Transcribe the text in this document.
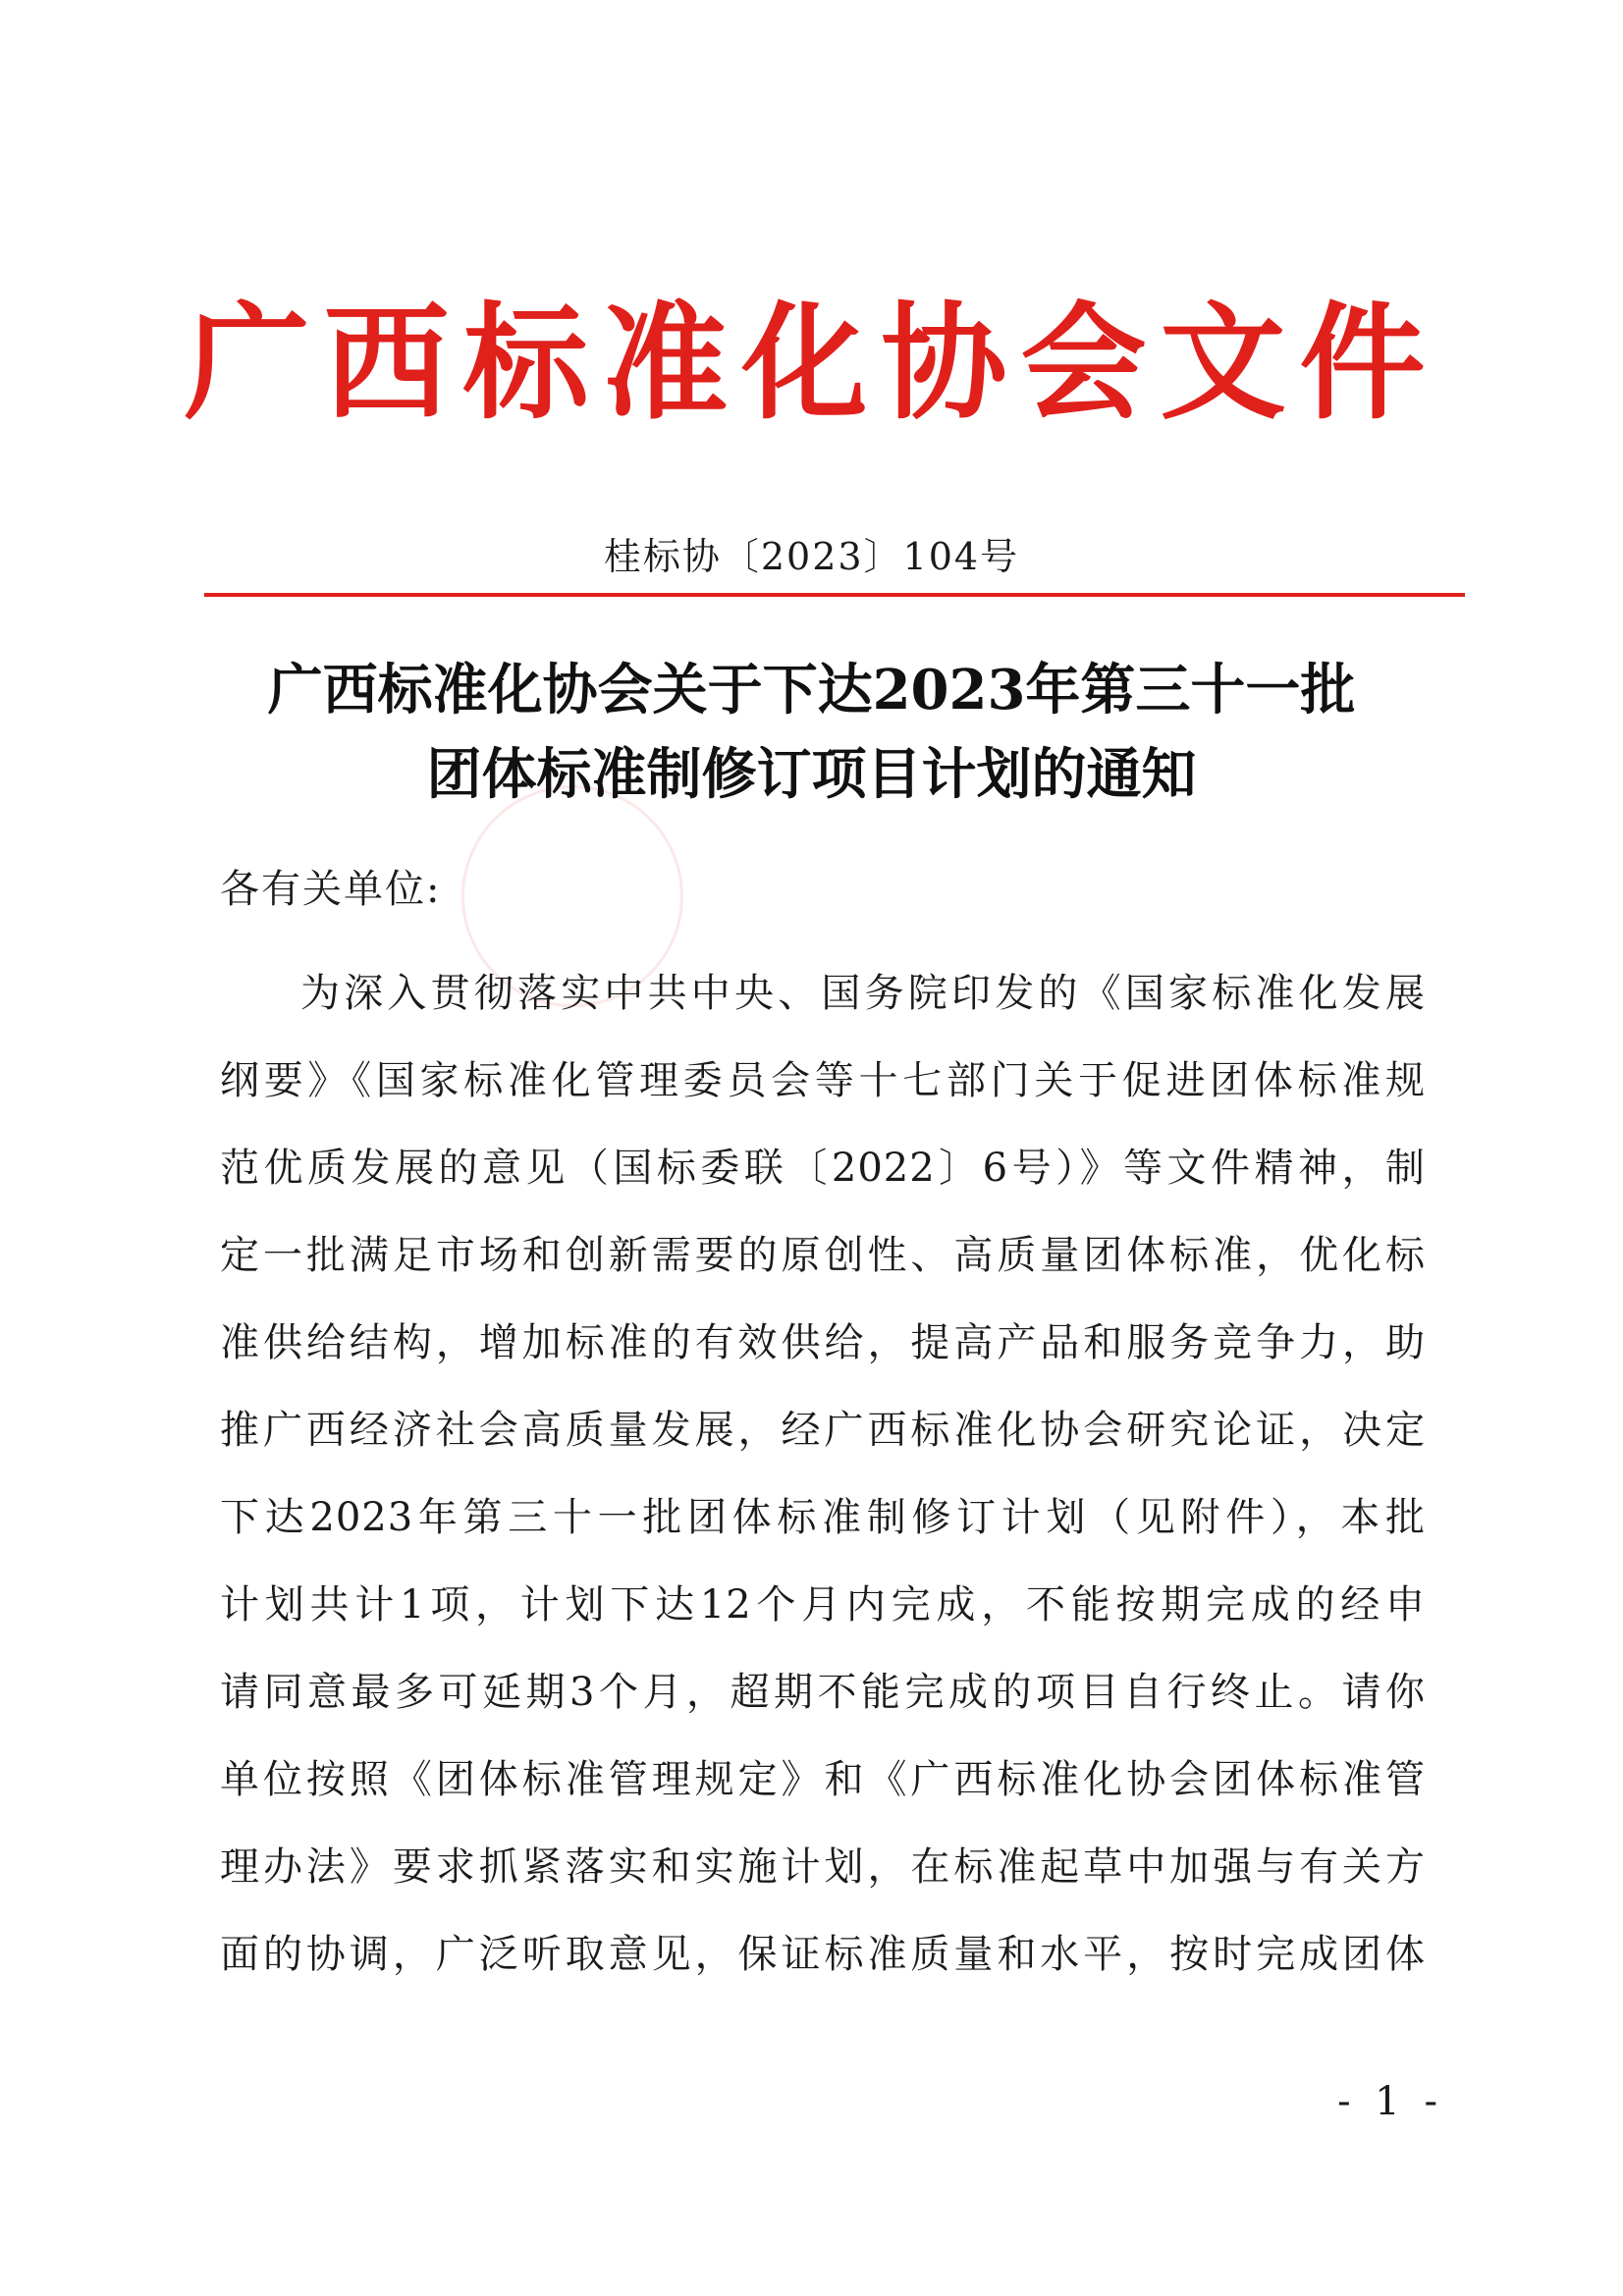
广西标准化协会文件
桂标协〔2023〕104号
广西标准化协会关于下达2023年第三十一批
团体标准制修订项目计划的通知
各有关单位:
为深入贯彻落实中共中央、国务院印发的《国家标准化发展
纲要》《国家标准化管理委员会等十七部门关于促进团体标准规
范优质发展的意见（国标委联〔2022〕6号）》等文件精神，制
定一批满足市场和创新需要的原创性、高质量团体标准，优化标
准供给结构，增加标准的有效供给，提高产品和服务竞争力，助
推广西经济社会高质量发展，经广西标准化协会研究论证，决定
下达2023年第三十一批团体标准制修订计划（见附件），本批
计划共计1项，计划下达12个月内完成，不能按期完成的经申
请同意最多可延期3个月，超期不能完成的项目自行终止。请你
单位按照《团体标准管理规定》和《广西标准化协会团体标准管
理办法》要求抓紧落实和实施计划，在标准起草中加强与有关方
面的协调，广泛听取意见，保证标准质量和水平，按时完成团体
- 1 -
